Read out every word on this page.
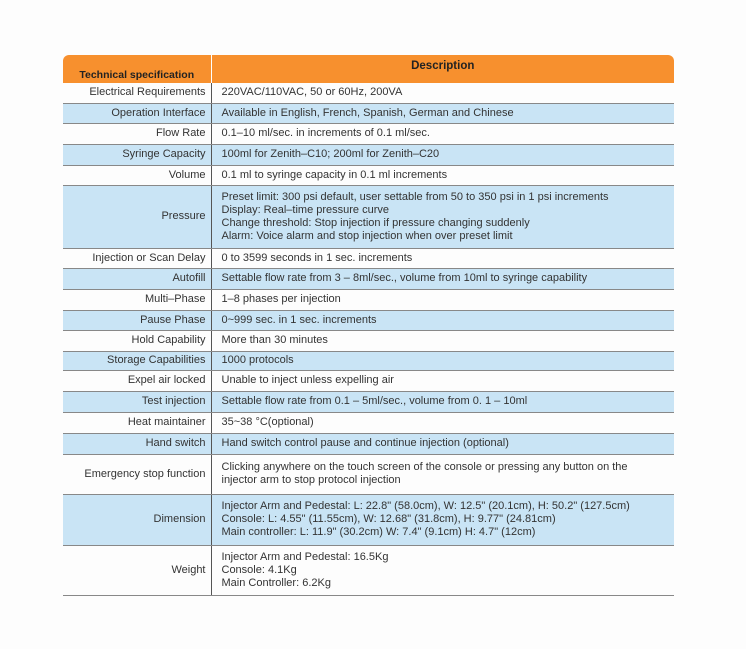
Technical specification	Description
Electrical Requirements	220VAC/110VAC, 50 or 60Hz, 200VA

Operation Interface	Available in English, French, Spanish, German and Chinese

Flow Rate	0.1–10 ml/sec. in increments of 0.1 ml/sec.

Syringe Capacity	100ml for Zenith–C10; 200ml for Zenith–C20

Volume	0.1 ml to syringe capacity in 0.1 ml increments

Pressure	Preset limit: 300 psi default, user settable from 50 to 350 psi in 1 psi increments
Display: Real–time pressure curve
Change threshold: Stop injection if pressure changing suddenly
Alarm: Voice alarm and stop injection when over preset limit

Injection or Scan Delay	0 to 3599 seconds in 1 sec. increments

Autofill	Settable flow rate from 3 – 8ml/sec., volume from 10ml to syringe capability

Multi–Phase	1–8 phases per injection

Pause Phase	0~999 sec. in 1 sec. increments

Hold Capability	More than 30 minutes

Storage Capabilities	1000 protocols

Expel air locked	Unable to inject unless expelling air

Test injection	Settable flow rate from 0.1 – 5ml/sec., volume from 0. 1 – 10ml

Heat maintainer	35~38 °C(optional)

Hand switch	Hand switch control pause and continue injection (optional)

Emergency stop function	Clicking anywhere on the touch screen of the console or pressing any button on the
injector arm to stop protocol injection

Dimension	Injector Arm and Pedestal: L: 22.8" (58.0cm), W: 12.5" (20.1cm), H: 50.2" (127.5cm)
Console: L: 4.55" (11.55cm), W: 12.68" (31.8cm), H: 9.77" (24.81cm)
Main controller: L: 11.9" (30.2cm) W: 7.4" (9.1cm) H: 4.7" (12cm)

Weight	Injector Arm and Pedestal: 16.5Kg
Console: 4.1Kg
Main Controller: 6.2Kg
